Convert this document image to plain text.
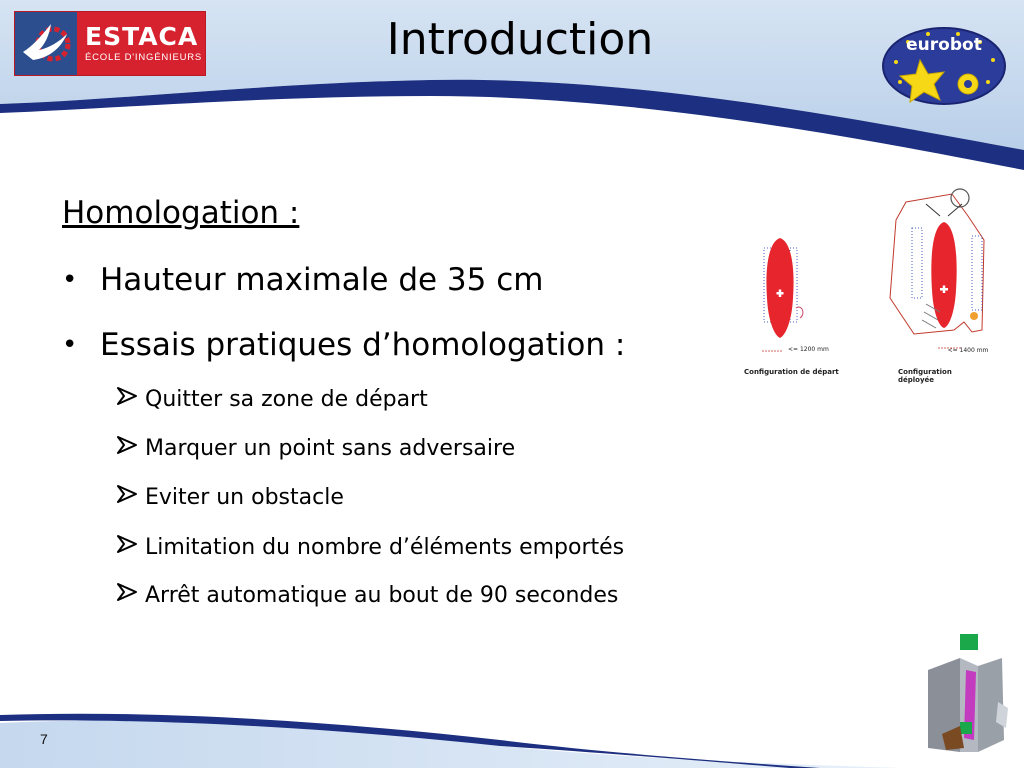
ESTACA
ÉCOLE D'INGÉNIEURS	Introduction	eurobot
Homologation :
• Hauteur maximale de 35 cm
• Essais pratiques d’homologation :
Quitter sa zone de départ
Marquer un point sans adversaire
Eviter un obstacle
Limitation du nombre d’éléments emportés
Arrêt automatique au bout de 90 secondes
<= 1200 mm	<= 1400 mm
Configuration de départ	Configuration déployée
7
